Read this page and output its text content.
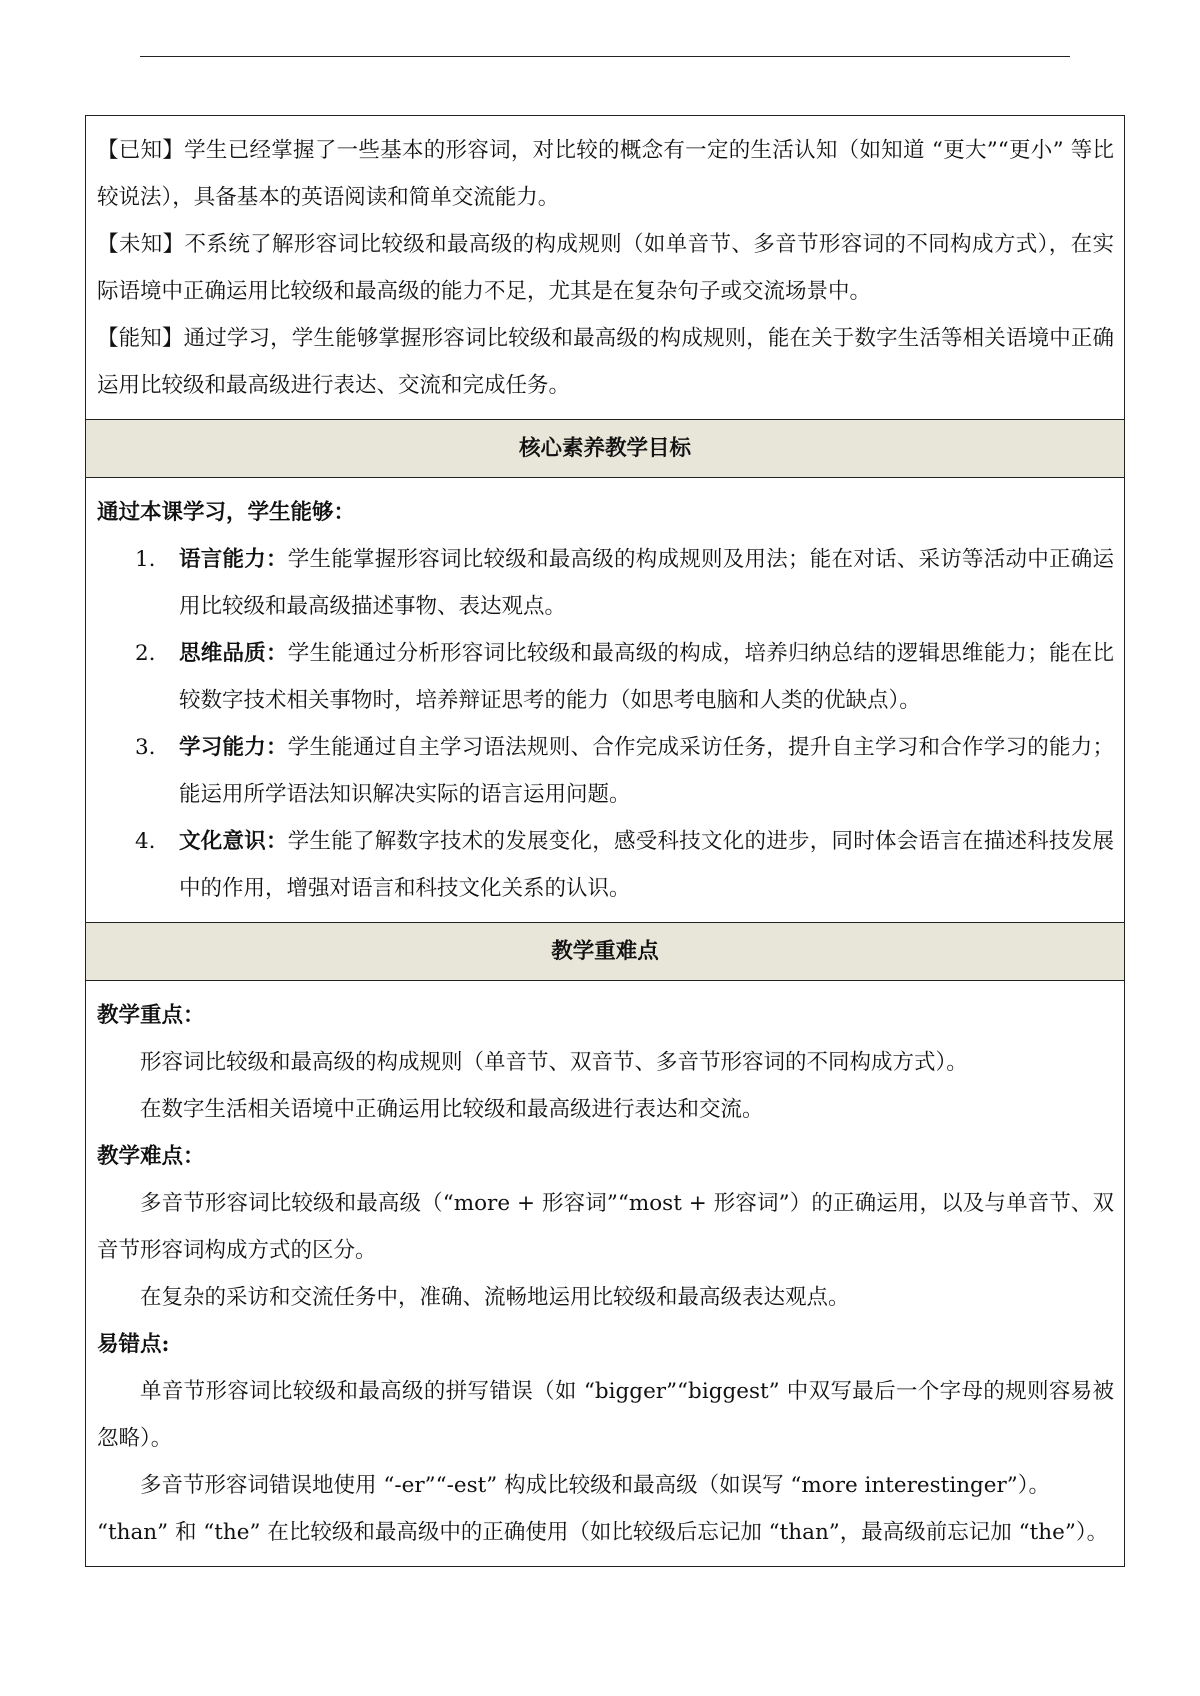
【已知】学生已经掌握了一些基本的形容词，对比较的概念有一定的生活认知（如知道 “更大”“更小” 等比较说法），具备基本的英语阅读和简单交流能力。

【未知】不系统了解形容词比较级和最高级的构成规则（如单音节、多音节形容词的不同构成方式），在实际语境中正确运用比较级和最高级的能力不足，尤其是在复杂句子或交流场景中。

【能知】通过学习，学生能够掌握形容词比较级和最高级的构成规则，能在关于数字生活等相关语境中正确运用比较级和最高级进行表达、交流和完成任务。

核心素养教学目标

通过本课学习，学生能够：

1. 语言能力：学生能掌握形容词比较级和最高级的构成规则及用法；能在对话、采访等活动中正确运用比较级和最高级描述事物、表达观点。
2. 思维品质：学生能通过分析形容词比较级和最高级的构成，培养归纳总结的逻辑思维能力；能在比较数字技术相关事物时，培养辩证思考的能力（如思考电脑和人类的优缺点）。
3. 学习能力：学生能通过自主学习语法规则、合作完成采访任务，提升自主学习和合作学习的能力；能运用所学语法知识解决实际的语言运用问题。
4. 文化意识：学生能了解数字技术的发展变化，感受科技文化的进步，同时体会语言在描述科技发展中的作用，增强对语言和科技文化关系的认识。
教学重难点

教学重点：

形容词比较级和最高级的构成规则（单音节、双音节、多音节形容词的不同构成方式）。

在数字生活相关语境中正确运用比较级和最高级进行表达和交流。

教学难点：

多音节形容词比较级和最高级（“more + 形容词”“most + 形容词”）的正确运用，以及与单音节、双音节形容词构成方式的区分。

在复杂的采访和交流任务中，准确、流畅地运用比较级和最高级表达观点。

易错点:

单音节形容词比较级和最高级的拼写错误（如 “bigger”“biggest” 中双写最后一个字母的规则容易被忽略）。

多音节形容词错误地使用 “-er”“-est” 构成比较级和最高级（如误写 “more interestinger”）。

“than” 和 “the” 在比较级和最高级中的正确使用（如比较级后忘记加 “than”，最高级前忘记加 “the”）。
